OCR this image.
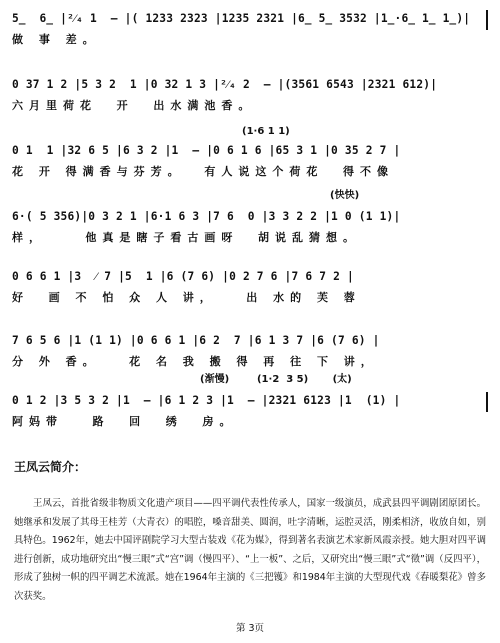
5̲  6̲ |²⁄₄ 1  – |( 1233 2323 |1235 2321 |6̲ 5̲ 3532 |1̲·6̲ 1̲ 1̲)|
做 事 差。
0 37 1 2 |5 3 2  1 |0 32 1 3 |²⁄₄ 2  – |(3561 6543 |2321 612)|
六月里荷花  开  出水满池香。
(1·6 1 1)
0 1  1 |32 6 5 |6 3 2 |1  – |0 6 1 6 |65 3 1 |0 35 2 7 |
花 开 得满香与芬芳。  有人说这个荷花  得不像
(快快)
6·( 5 356)|0 3 2 1 |6·1 6 3 |7 6  0 |3 3 2 2 |1 0 (1 1)|
样，    他真是瞎子看古画呀  胡说乱猜想。
0 6 6 1 |3  ⁄ 7 |5  1 |6 (7 6) |0 2 7 6 |7 6 7 2 |
好  画 不 怕 众 人 讲，   出 水的 芙 蓉
7 6 5 6 |1 (1 1) |0 6 6 1 |6 2  7 |6 1 3 7 |6 (7 6) |
分 外 香。   花 名 我 搬 得 再 往 下 讲，
(渐慢)        (1·2  3 5)       (太)
0 1 2 |3 5 3 2 |1  – |6 1 2 3 |1  – |2321 6123 |1  (1) |
阿妈带   路  回  绣  房。

王凤云简介：

王凤云，首批省级非物质文化遗产项目——四平调代表性传承人，国家一级演员，成武县四平调剧团原团长。她继承和发展了其母王桂芳（大青衣）的唱腔，嗓音甜美、圆润，吐字清晰，运腔灵活，刚柔相济，收放自如，别具特色。1962年，她去中国评剧院学习大型古装戏《花为媒》，得到著名表演艺术家新凤霞亲授。她大胆对四平调进行创新，成功地研究出“慢三眼”式“宫”调（慢四平）、“上一板”、之后，又研究出“慢三眼”式“徵”调（反四平），形成了独树一帜的四平调艺术流派。她在1964年主演的《三把镬》和1984年主演的大型现代戏《春暖梨花》曾多次获奖。

第 3页
